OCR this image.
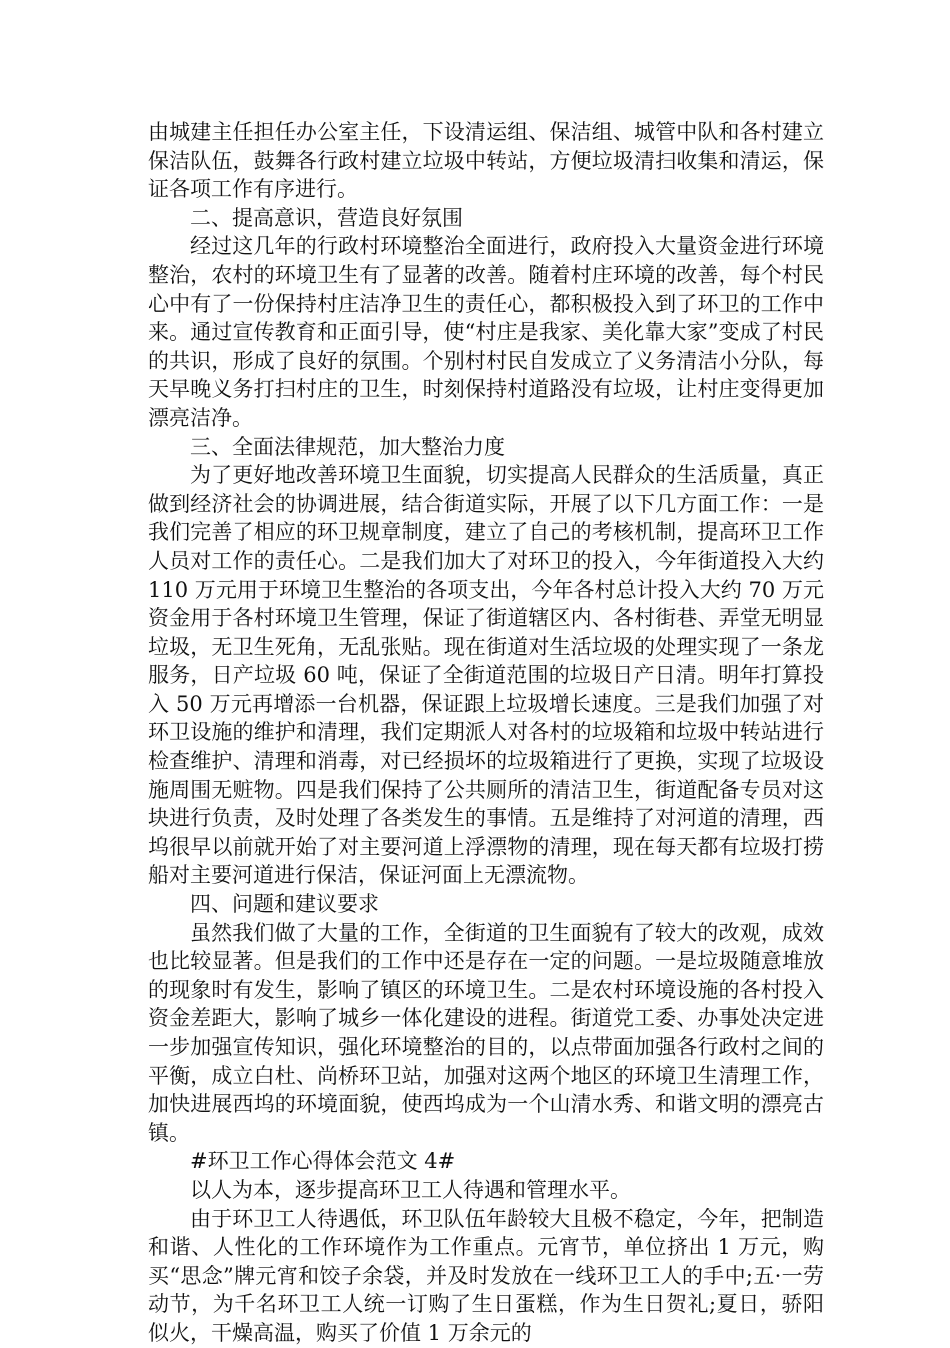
由城建主任担任办公室主任，下设清运组、保洁组、城管中队和各村建立保洁队伍，鼓舞各行政村建立垃圾中转站，方便垃圾清扫收集和清运，保证各项工作有序进行。

二、提高意识，营造良好氛围

经过这几年的行政村环境整治全面进行，政府投入大量资金进行环境整治，农村的环境卫生有了显著的改善。随着村庄环境的改善，每个村民心中有了一份保持村庄洁净卫生的责任心，都积极投入到了环卫的工作中来。通过宣传教育和正面引导，使“村庄是我家、美化靠大家”变成了村民的共识，形成了良好的氛围。个别村村民自发成立了义务清洁小分队，每天早晚义务打扫村庄的卫生，时刻保持村道路没有垃圾，让村庄变得更加漂亮洁净。

三、全面法律规范，加大整治力度

为了更好地改善环境卫生面貌，切实提高人民群众的生活质量，真正做到经济社会的协调进展，结合街道实际，开展了以下几方面工作：一是我们完善了相应的环卫规章制度，建立了自己的考核机制，提高环卫工作人员对工作的责任心。二是我们加大了对环卫的投入，今年街道投入大约 110 万元用于环境卫生整治的各项支出，今年各村总计投入大约 70 万元资金用于各村环境卫生管理，保证了街道辖区内、各村街巷、弄堂无明显垃圾，无卫生死角，无乱张贴。现在街道对生活垃圾的处理实现了一条龙服务，日产垃圾 60 吨，保证了全街道范围的垃圾日产日清。明年打算投入 50 万元再增添一台机器，保证跟上垃圾增长速度。三是我们加强了对环卫设施的维护和清理，我们定期派人对各村的垃圾箱和垃圾中转站进行检查维护、清理和消毒，对已经损坏的垃圾箱进行了更换，实现了垃圾设施周围无赃物。四是我们保持了公共厕所的清洁卫生，街道配备专员对这块进行负责，及时处理了各类发生的事情。五是维持了对河道的清理，西坞很早以前就开始了对主要河道上浮漂物的清理，现在每天都有垃圾打捞船对主要河道进行保洁，保证河面上无漂流物。

四、问题和建议要求

虽然我们做了大量的工作，全街道的卫生面貌有了较大的改观，成效也比较显著。但是我们的工作中还是存在一定的问题。一是垃圾随意堆放的现象时有发生，影响了镇区的环境卫生。二是农村环境设施的各村投入资金差距大，影响了城乡一体化建设的进程。街道党工委、办事处决定进一步加强宣传知识，强化环境整治的目的，以点带面加强各行政村之间的平衡，成立白杜、尚桥环卫站，加强对这两个地区的环境卫生清理工作，加快进展西坞的环境面貌，使西坞成为一个山清水秀、和谐文明的漂亮古镇。

#环卫工作心得体会范文 4#

以人为本，逐步提高环卫工人待遇和管理水平。

由于环卫工人待遇低，环卫队伍年龄较大且极不稳定，今年，把制造和谐、人性化的工作环境作为工作重点。元宵节，单位挤出 1 万元，购买“思念”牌元宵和饺子余袋，并及时发放在一线环卫工人的手中;五·一劳动节，为千名环卫工人统一订购了生日蛋糕，作为生日贺礼;夏日，骄阳似火，干燥高温，购买了价值 1 万余元的
